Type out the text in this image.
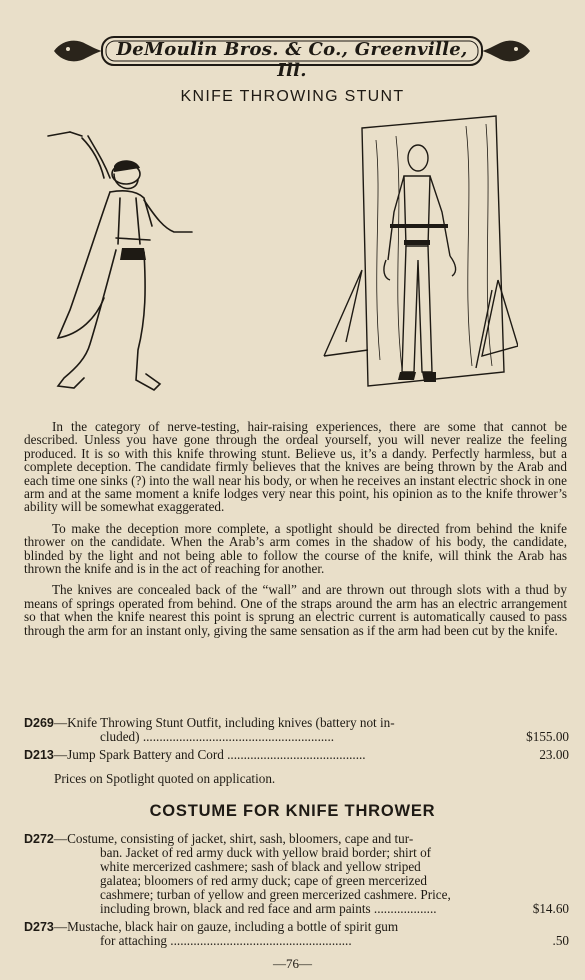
DeMoulin Bros. & Co., Greenville, Ill.
KNIFE THROWING STUNT

In the category of nerve-testing, hair-raising experiences, there are some that cannot be described. Unless you have gone through the ordeal yourself, you will never realize the feeling produced. It is so with this knife throwing stunt. Believe us, it’s a dandy. Perfectly harmless, but a complete deception. The candidate firmly believes that the knives are being thrown by the Arab and each time one sinks (?) into the wall near his body, or when he receives an instant electric shock in one arm and at the same moment a knife lodges very near this point, his opinion as to the knife thrower’s ability will be somewhat exaggerated.

To make the deception more complete, a spotlight should be directed from behind the knife thrower on the candidate. When the Arab’s arm comes in the shadow of his body, the candidate, blinded by the light and not being able to follow the course of the knife, will think the Arab has thrown the knife and is in the act of reaching for another.

The knives are concealed back of the “wall” and are thrown out through slots with a thud by means of springs operated from behind. One of the straps around the arm has an electric arrangement so that when the knife nearest this point is sprung an electric current is automatically caused to pass through the arm for an instant only, giving the same sensation as if the arm had been cut by the knife.

D269—Knife Throwing Stunt Outfit, including knives (battery not in-
cluded) ..........................................................	$155.00
D213—Jump Spark Battery and Cord ..........................................	23.00
Prices on Spotlight quoted on application.
COSTUME FOR KNIFE THROWER
D272—Costume, consisting of jacket, shirt, sash, bloomers, cape and tur-
ban. Jacket of red army duck with yellow braid border; shirt of
white mercerized cashmere; sash of black and yellow striped
galatea; bloomers of red army duck; cape of green mercerized
cashmere; turban of yellow and green mercerized cashmere. Price,
including brown, black and red face and arm paints ...................	$14.60
D273—Mustache, black hair on gauze, including a bottle of spirit gum
for attaching .......................................................	.50
—76—
